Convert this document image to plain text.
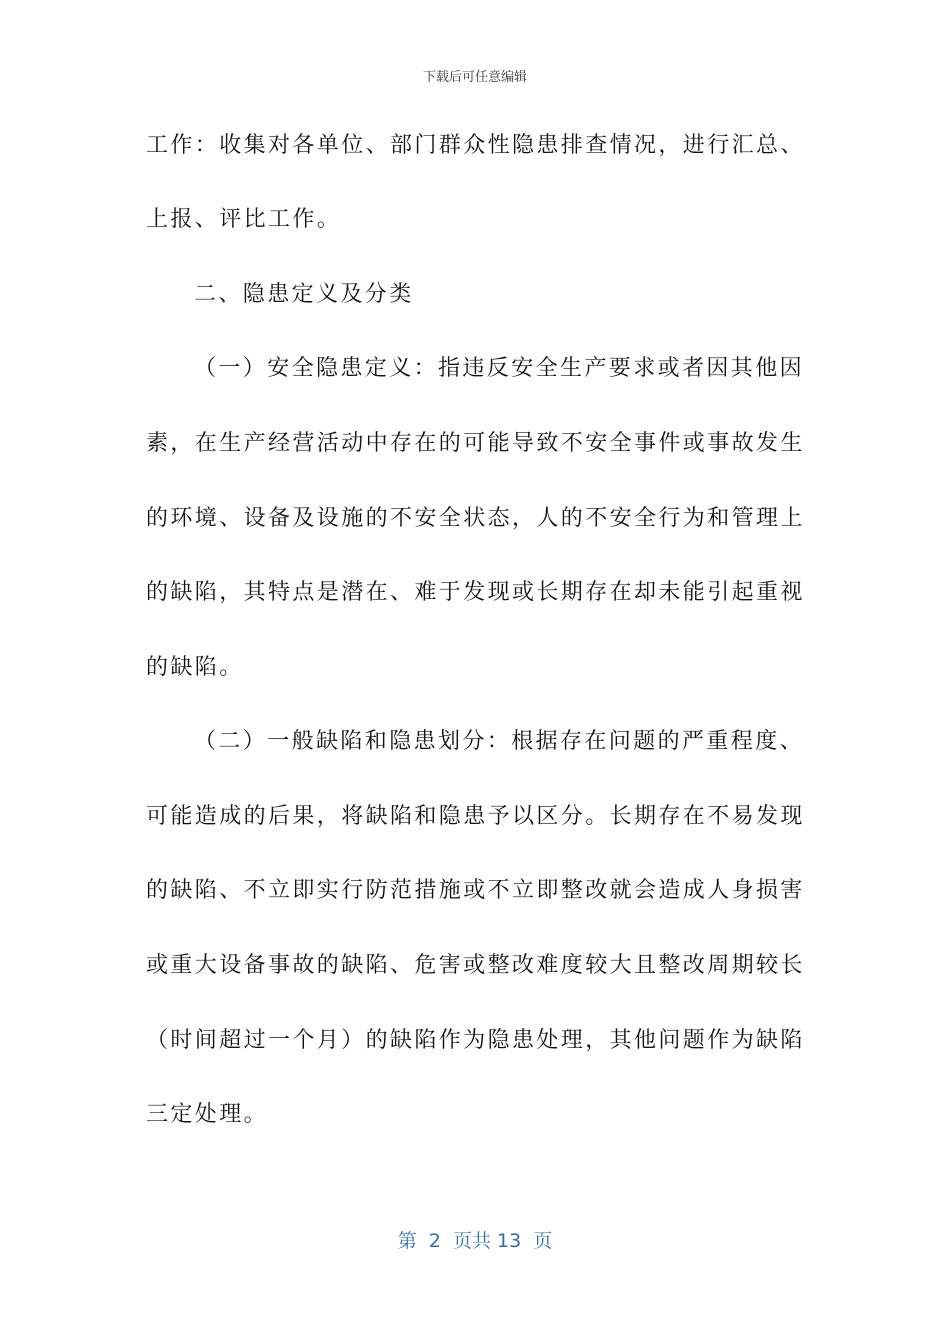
下载后可任意编辑
工作：收集对各单位、部门群众性隐患排查情况，进行汇总、
上报、评比工作。
二、隐患定义及分类
（一）安全隐患定义：指违反安全生产要求或者因其他因
素，在生产经营活动中存在的可能导致不安全事件或事故发生
的环境、设备及设施的不安全状态，人的不安全行为和管理上
的缺陷，其特点是潜在、难于发现或长期存在却未能引起重视
的缺陷。
（二）一般缺陷和隐患划分：根据存在问题的严重程度、
可能造成的后果，将缺陷和隐患予以区分。长期存在不易发现
的缺陷、不立即实行防范措施或不立即整改就会造成人身损害
或重大设备事故的缺陷、危害或整改难度较大且整改周期较长
（时间超过一个月）的缺陷作为隐患处理，其他问题作为缺陷
三定处理。
第  2  页共 13  页
